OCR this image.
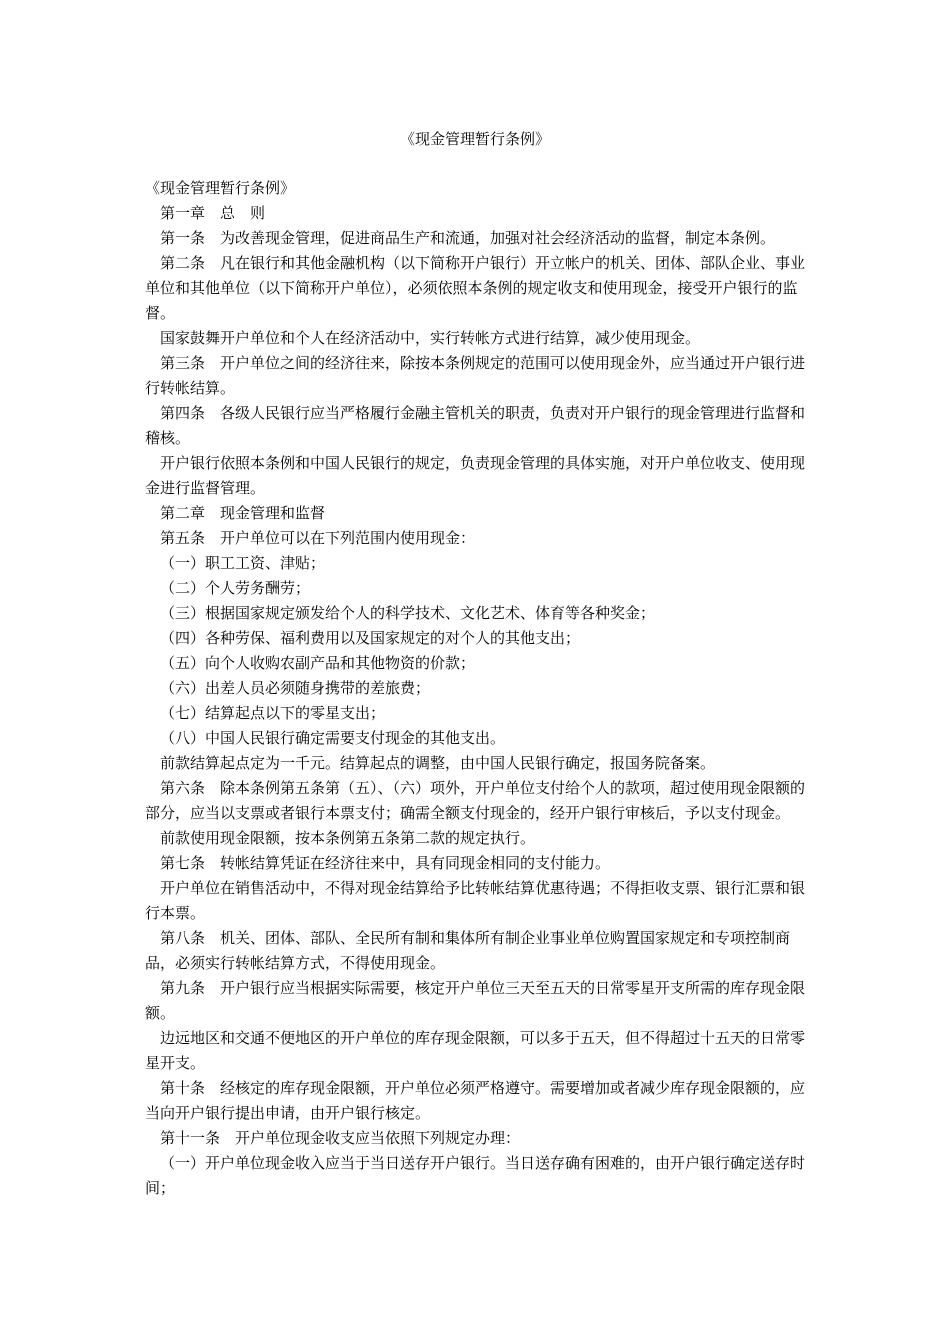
《现金管理暂行条例》

《现金管理暂行条例》

第一章　总　则

第一条　为改善现金管理，促进商品生产和流通，加强对社会经济活动的监督，制定本条例。

第二条　凡在银行和其他金融机构（以下简称开户银行）开立帐户的机关、团体、部队企业、事业单位和其他单位（以下简称开户单位），必须依照本条例的规定收支和使用现金，接受开户银行的监督。

国家鼓舞开户单位和个人在经济活动中，实行转帐方式进行结算，减少使用现金。

第三条　开户单位之间的经济往来，除按本条例规定的范围可以使用现金外，应当通过开户银行进行转帐结算。

第四条　各级人民银行应当严格履行金融主管机关的职责，负责对开户银行的现金管理进行监督和稽核。

开户银行依照本条例和中国人民银行的规定，负责现金管理的具体实施，对开户单位收支、使用现金进行监督管理。

第二章　现金管理和监督

第五条　开户单位可以在下列范围内使用现金：

（一）职工工资、津贴；

（二）个人劳务酬劳；

（三）根据国家规定颁发给个人的科学技术、文化艺术、体育等各种奖金；

（四）各种劳保、福利费用以及国家规定的对个人的其他支出；

（五）向个人收购农副产品和其他物资的价款；

（六）出差人员必须随身携带的差旅费；

（七）结算起点以下的零星支出；

（八）中国人民银行确定需要支付现金的其他支出。

前款结算起点定为一千元。结算起点的调整，由中国人民银行确定，报国务院备案。

第六条　除本条例第五条第（五）、（六）项外，开户单位支付给个人的款项，超过使用现金限额的部分，应当以支票或者银行本票支付；确需全额支付现金的，经开户银行审核后，予以支付现金。

前款使用现金限额，按本条例第五条第二款的规定执行。

第七条　转帐结算凭证在经济往来中，具有同现金相同的支付能力。

开户单位在销售活动中，不得对现金结算给予比转帐结算优惠待遇；不得拒收支票、银行汇票和银行本票。

第八条　机关、团体、部队、全民所有制和集体所有制企业事业单位购置国家规定和专项控制商品，必须实行转帐结算方式，不得使用现金。

第九条　开户银行应当根据实际需要，核定开户单位三天至五天的日常零星开支所需的库存现金限额。

边远地区和交通不便地区的开户单位的库存现金限额，可以多于五天，但不得超过十五天的日常零星开支。

第十条　经核定的库存现金限额，开户单位必须严格遵守。需要增加或者减少库存现金限额的，应当向开户银行提出申请，由开户银行核定。

第十一条　开户单位现金收支应当依照下列规定办理：

（一）开户单位现金收入应当于当日送存开户银行。当日送存确有困难的，由开户银行确定送存时间；
